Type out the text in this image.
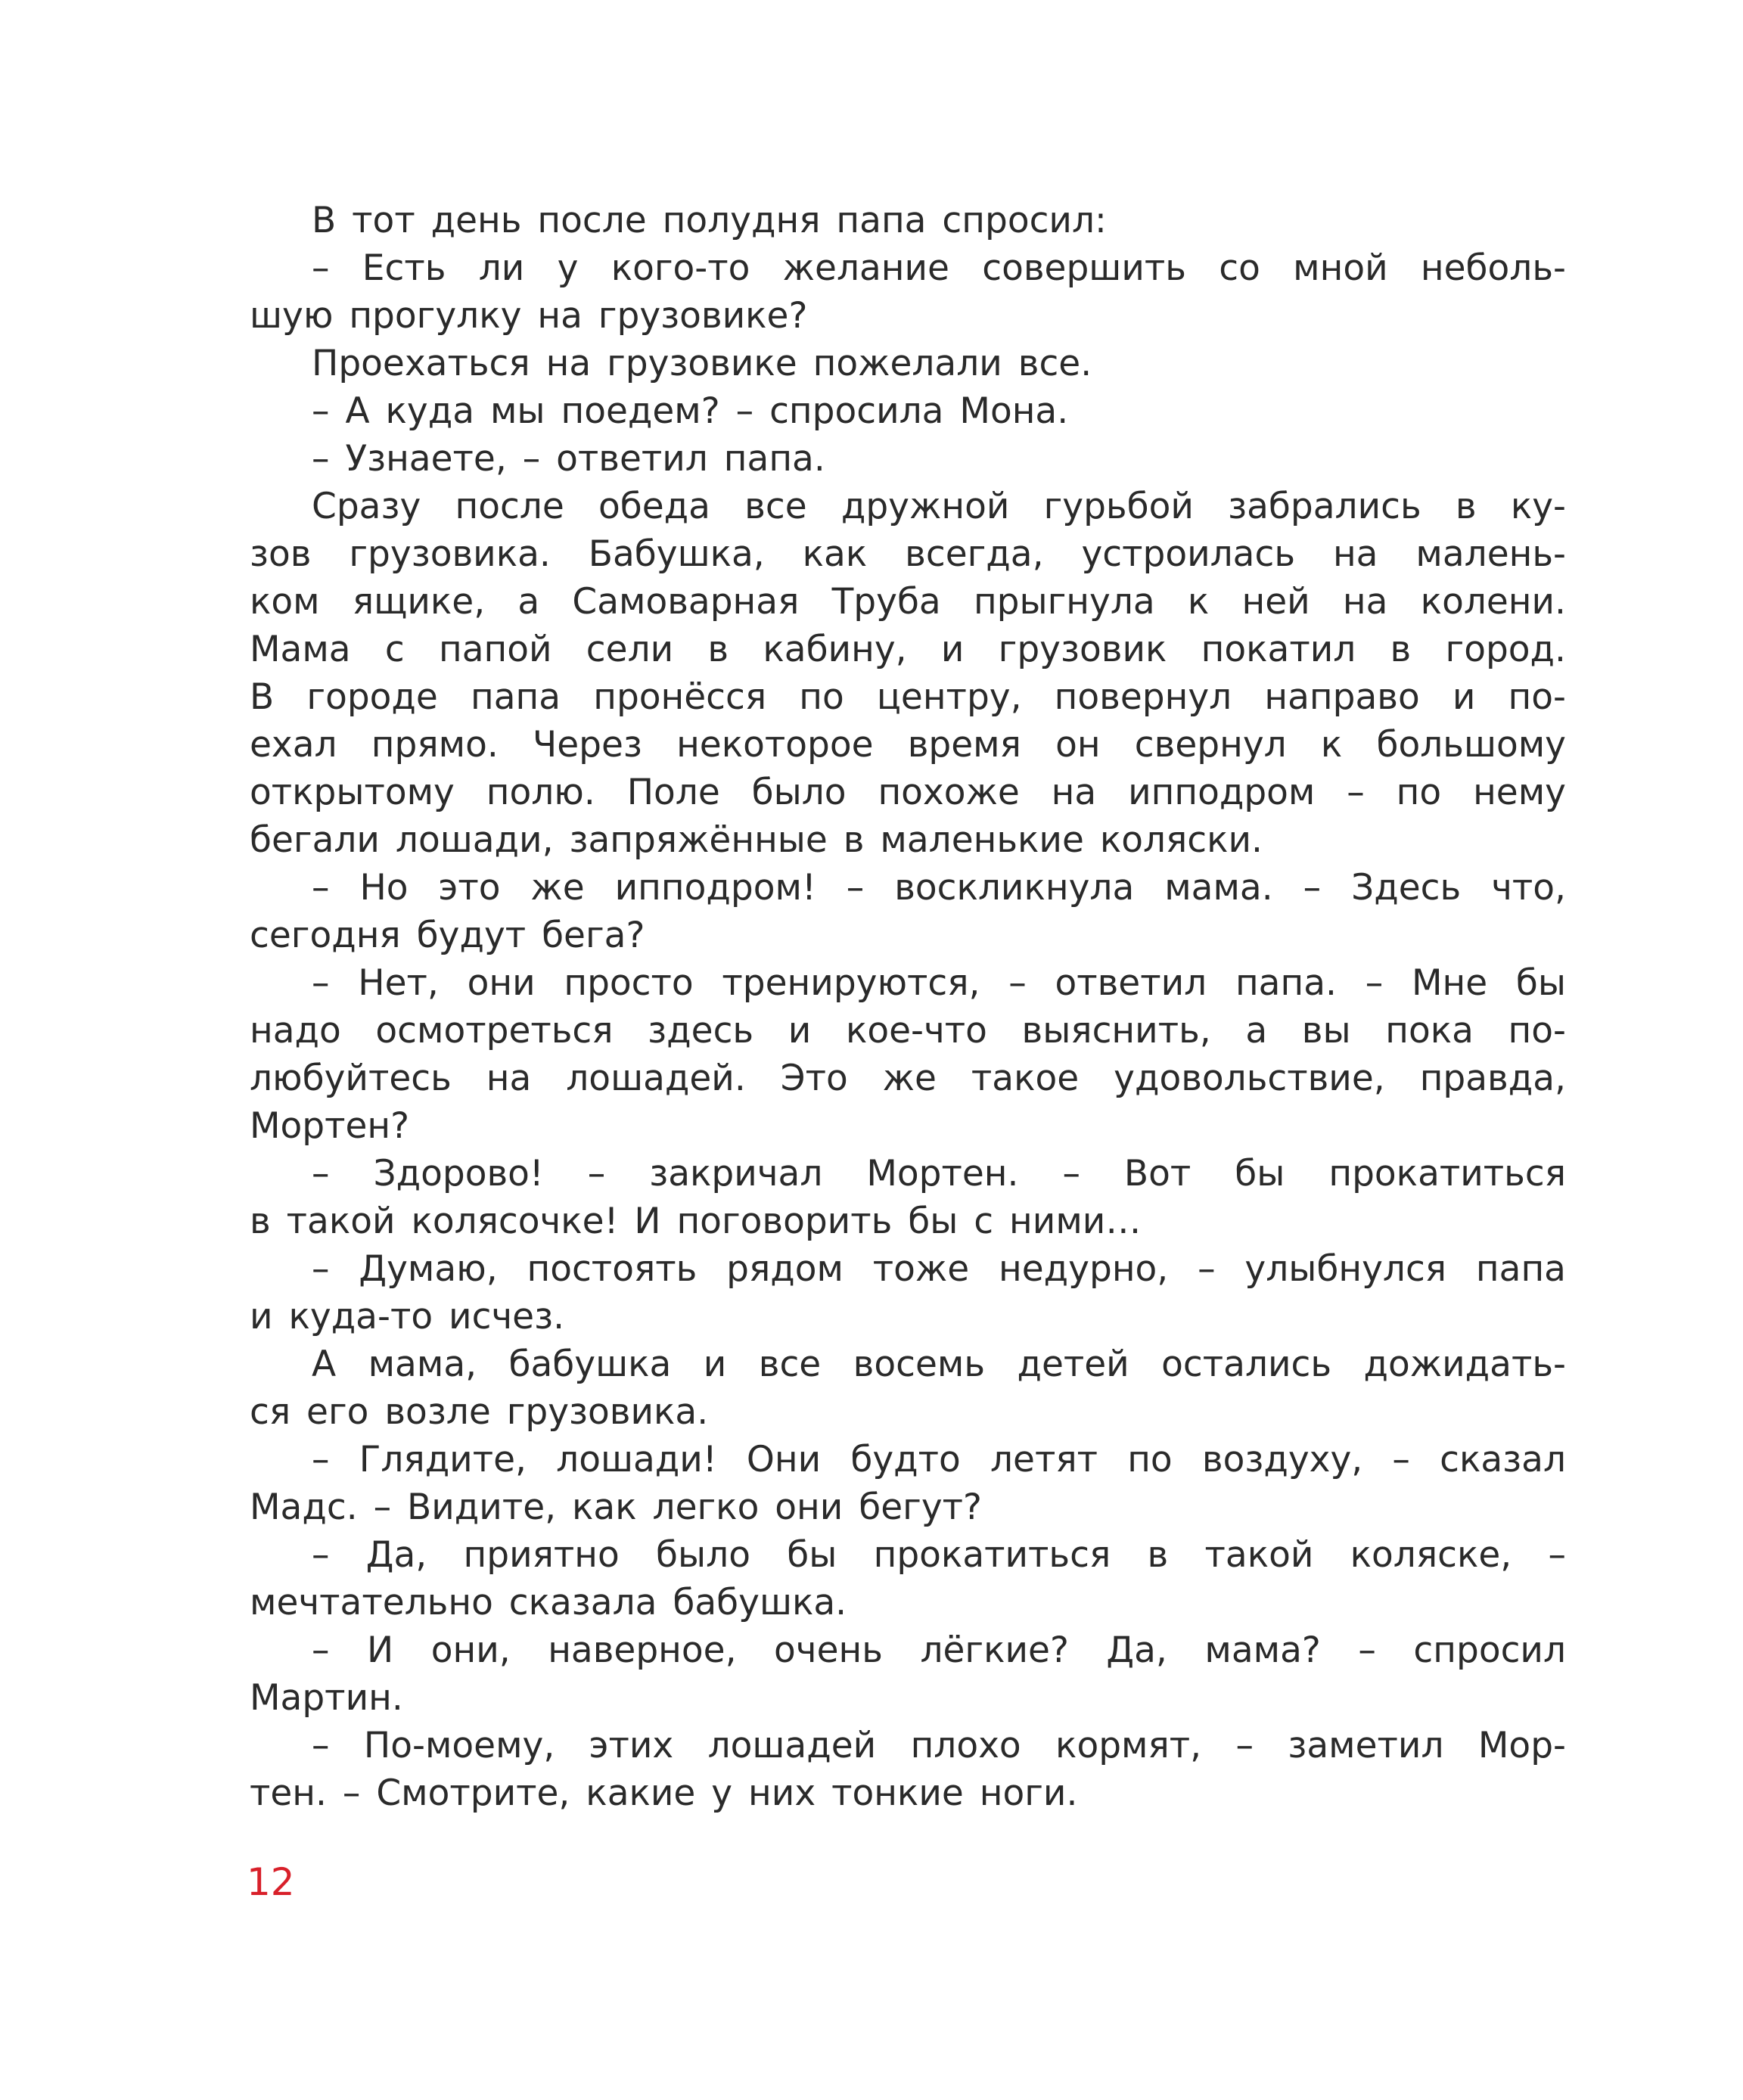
В тот день после полудня папа спросил:
– Есть ли у кого-то желание совершить со мной неболь-
шую прогулку на грузовике?
Проехаться на грузовике пожелали все.
– А куда мы поедем? – спросила Мона.
– Узнаете, – ответил папа.
Сразу после обеда все дружной гурьбой забрались в ку-
зов грузовика. Бабушка, как всегда, устроилась на малень-
ком ящике, а Самоварная Труба прыгнула к ней на колени.
Мама с папой сели в кабину, и грузовик покатил в город.
В городе папа пронёсся по центру, повернул направо и по-
ехал прямо. Через некоторое время он свернул к большому
открытому полю. Поле было похоже на ипподром – по нему
бегали лошади, запряжённые в маленькие коляски.
– Но это же ипподром! – воскликнула мама. – Здесь что,
сегодня будут бега?
– Нет, они просто тренируются, – ответил папа. – Мне бы
надо осмотреться здесь и кое-что выяснить, а вы пока по-
любуйтесь на лошадей. Это же такое удовольствие, правда,
Мортен?
– Здорово! – закричал Мортен. – Вот бы прокатиться
в такой колясочке! И поговорить бы с ними…
– Думаю, постоять рядом тоже недурно, – улыбнулся папа
и куда-то исчез.
А мама, бабушка и все восемь детей остались дожидать-
ся его возле грузовика.
– Глядите, лошади! Они будто летят по воздуху, – сказал
Мадс. – Видите, как легко они бегут?
– Да, приятно было бы прокатиться в такой коляске, –
мечтательно сказала бабушка.
– И они, наверное, очень лёгкие? Да, мама? – спросил
Мартин.
– По-моему, этих лошадей плохо кормят, – заметил Мор-
тен. – Смотрите, какие у них тонкие ноги.
12
